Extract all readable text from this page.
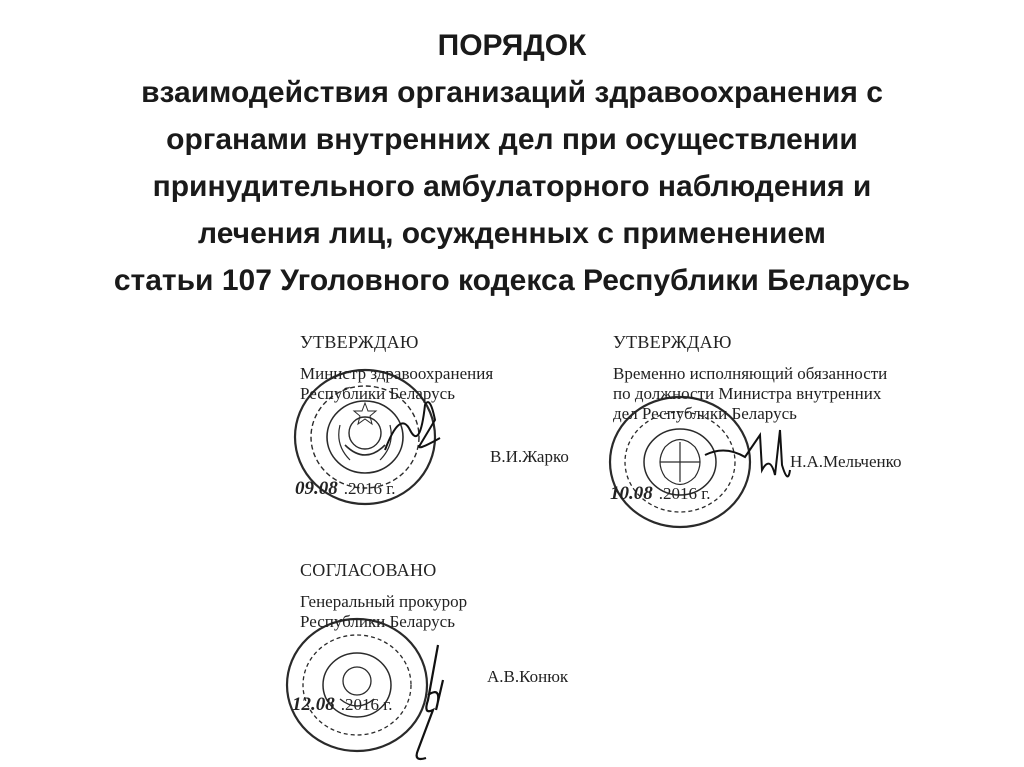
ПОРЯДОК
взаимодействия организаций здравоохранения с
органами внутренних дел при осуществлении
принудительного амбулаторного наблюдения и
лечения лиц, осужденных с применением
статьи 107 Уголовного кодекса Республики Беларусь
УТВЕРЖДАЮ
Министр здравоохранения
Республики Беларусь
В.И.Жарко
09.08 .2016 г.
УТВЕРЖДАЮ
Временно исполняющий обязанности
по должности Министра внутренних
дел Республики Беларусь
Н.А.Мельченко
10.08 .2016 г.
СОГЛАСОВАНО
Генеральный прокурор
Республики Беларусь
А.В.Конюк
12.08 .2016 г.
